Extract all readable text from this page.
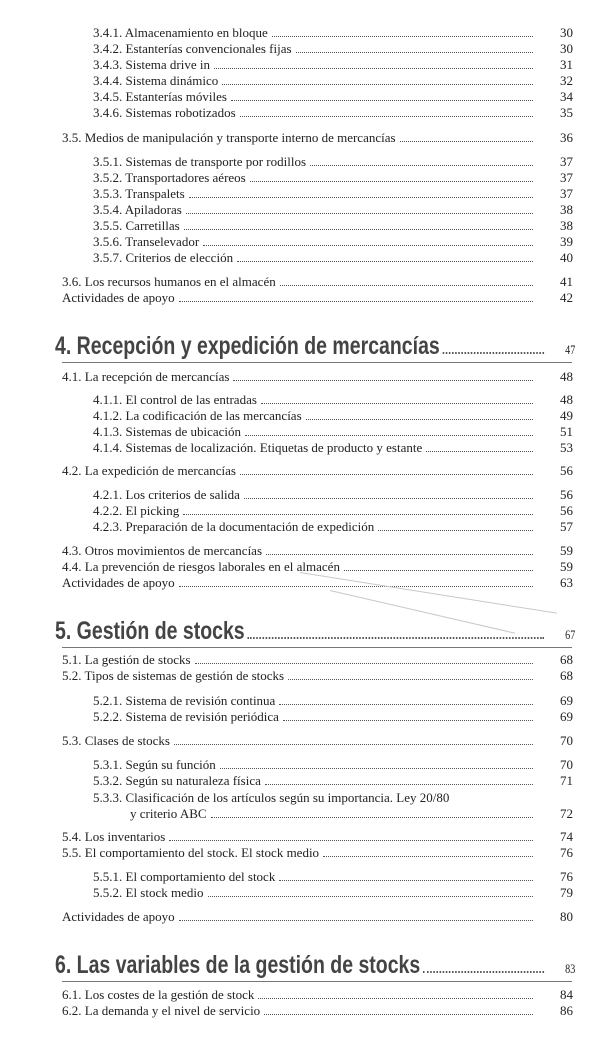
3.4.1. Almacenamiento en bloque	30
3.4.2. Estanterías convencionales fijas	30
3.4.3. Sistema drive in	31
3.4.4. Sistema dinámico	32
3.4.5. Estanterías móviles	34
3.4.6. Sistemas robotizados	35
3.5. Medios de manipulación y transporte interno de mercancías	36
3.5.1. Sistemas de transporte por rodillos	37
3.5.2. Transportadores aéreos	37
3.5.3. Transpalets	37
3.5.4. Apiladoras	38
3.5.5. Carretillas	38
3.5.6. Transelevador	39
3.5.7. Criterios de elección	40
3.6. Los recursos humanos en el almacén	41
Actividades de apoyo	42
4. Recepción y expedición de mercancías	47
4.1. La recepción de mercancías	48
4.1.1. El control de las entradas	48
4.1.2. La codificación de las mercancías	49
4.1.3. Sistemas de ubicación	51
4.1.4. Sistemas de localización. Etiquetas de producto y estante	53
4.2. La expedición de mercancías	56
4.2.1. Los criterios de salida	56
4.2.2. El picking	56
4.2.3. Preparación de la documentación de expedición	57
4.3. Otros movimientos de mercancías	59
4.4. La prevención de riesgos laborales en el almacén	59
Actividades de apoyo	63
5. Gestión de stocks	67
5.1. La gestión de stocks	68
5.2. Tipos de sistemas de gestión de stocks	68
5.2.1. Sistema de revisión continua	69
5.2.2. Sistema de revisión periódica	69
5.3. Clases de stocks	70
5.3.1. Según su función	70
5.3.2. Según su naturaleza física	71
5.3.3. Clasificación de los artículos según su importancia. Ley 20/80
y criterio ABC	72
5.4. Los inventarios	74
5.5. El comportamiento del stock. El stock medio	76
5.5.1. El comportamiento del stock	76
5.5.2. El stock medio	79
Actividades de apoyo	80
6. Las variables de la gestión de stocks	83
6.1. Los costes de la gestión de stock	84
6.2. La demanda y el nivel de servicio	86
